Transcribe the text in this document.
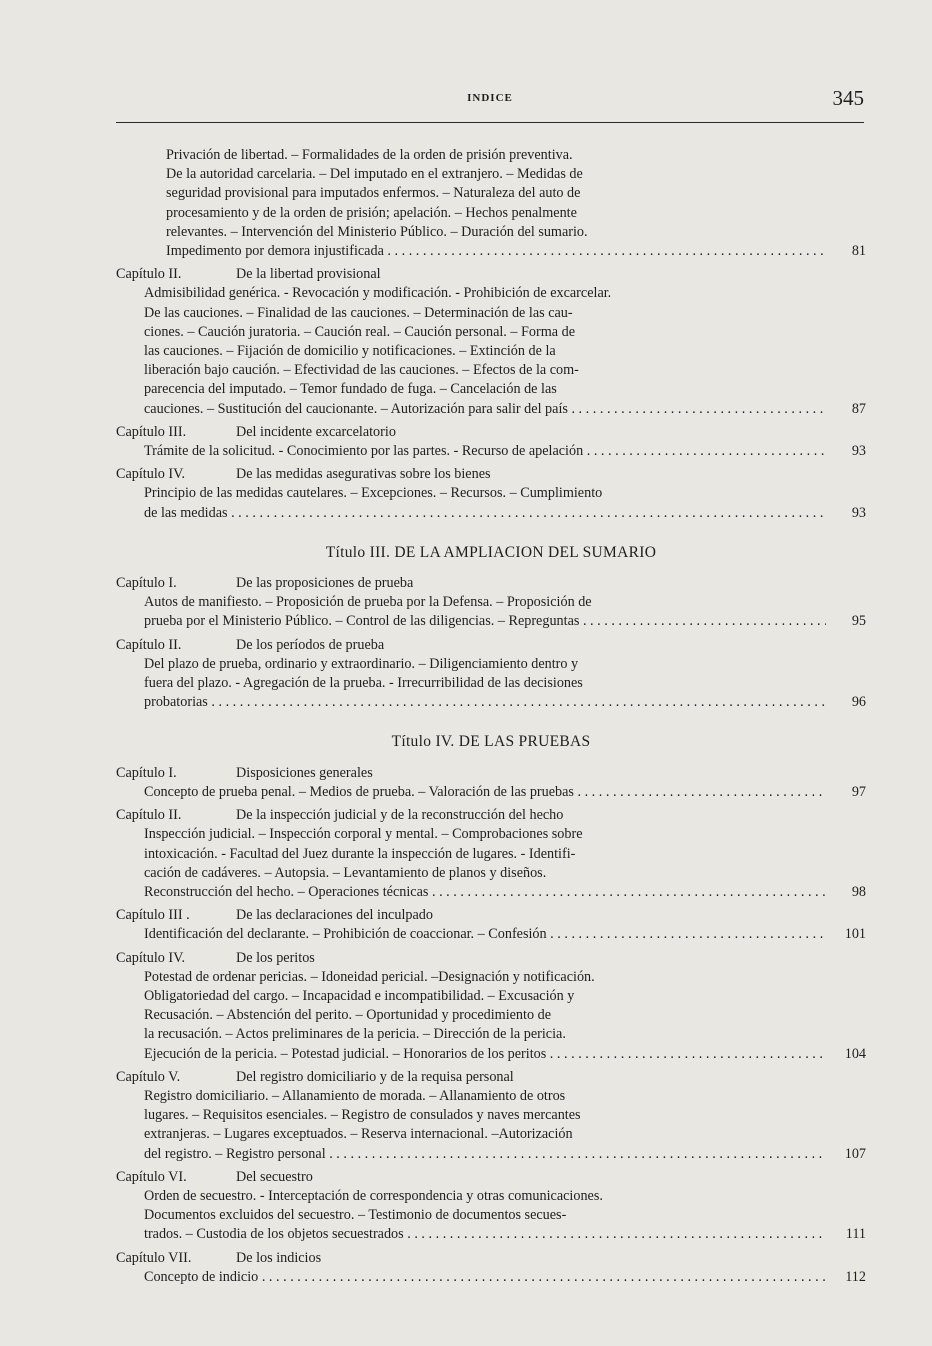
INDICE	345
Privación de libertad. – Formalidades de la orden de prisión preventiva.
De la autoridad carcelaria. – Del imputado en el extranjero. – Medidas de
seguridad provisional para imputados enfermos. – Naturaleza del auto de
procesamiento y de la orden de prisión; apelación. – Hechos penalmente
relevantes. – Intervención del Ministerio Público. – Duración del sumario.
Impedimento por demora injustificada . . .	81
Capítulo II.	De la libertad provisional
Admisibilidad genérica. - Revocación y modificación. - Prohibición de excarcelar.
De las cauciones. – Finalidad de las cauciones. – Determinación de las cau-
ciones. – Caución juratoria. – Caución real. – Caución personal. – Forma de
las cauciones. – Fijación de domicilio y notificaciones. – Extinción de la
liberación bajo caución. – Efectividad de las cauciones. – Efectos de la com-
parecencia del imputado. – Temor fundado de fuga. – Cancelación de las
cauciones. – Sustitución del caucionante. – Autorización para salir del país . . . . .	87
Capítulo III.	Del incidente excarcelatorio
Trámite de la solicitud. - Conocimiento por las partes. - Recurso de apelación . . . . .	93
Capítulo IV.	De las medidas asegurativas sobre los bienes
Principio de las medidas cautelares. – Excepciones. – Recursos. – Cumplimiento
de las medidas . . .	93
Título III. DE LA AMPLIACION DEL SUMARIO
Capítulo I.	De las proposiciones de prueba
Autos de manifiesto. – Proposición de prueba por la Defensa. – Proposición de
prueba por el Ministerio Público. – Control de las diligencias. – Repreguntas . . . .	95
Capítulo II.	De los períodos de prueba
Del plazo de prueba, ordinario y extraordinario. – Diligenciamiento dentro y
fuera del plazo. - Agregación de la prueba. - Irrecurribilidad de las decisiones
probatorias . . .	96
Título IV. DE LAS PRUEBAS
Capítulo I.	Disposiciones generales
Concepto de prueba penal. – Medios de prueba. – Valoración de las pruebas . . . . . .	97
Capítulo II.	De la inspección judicial y de la reconstrucción del hecho
Inspección judicial. – Inspección corporal y mental. – Comprobaciones sobre
intoxicación. - Facultad del Juez durante la inspección de lugares. - Identifi-
cación de cadáveres. – Autopsia. – Levantamiento de planos y diseños.
Reconstrucción del hecho. – Operaciones técnicas . . .	98
Capítulo III .	De las declaraciones del inculpado
Identificación del declarante. – Prohibición de coaccionar. – Confesión . . . . . . . . .	101
Capítulo IV.	De los peritos
Potestad de ordenar pericias. – Idoneidad pericial. –Designación y notificación.
Obligatoriedad del cargo. – Incapacidad e incompatibilidad. – Excusación y
Recusación. – Abstención del perito. – Oportunidad y procedimiento de
la recusación. – Actos preliminares de la pericia. – Dirección de la pericia.
Ejecución de la pericia. – Potestad judicial. – Honorarios de los peritos . . . . . . .	104
Capítulo V.	Del registro domiciliario y de la requisa personal
Registro domiciliario. – Allanamiento de morada. – Allanamiento de otros
lugares. – Requisitos esenciales. – Registro de consulados y naves mercantes
extranjeras. – Lugares exceptuados. – Reserva internacional. –Autorización
del registro. – Registro personal . . .	107
Capítulo VI.	Del secuestro
Orden de secuestro. - Interceptación de correspondencia y otras comunicaciones.
Documentos excluidos del secuestro. – Testimonio de documentos secues-
trados. – Custodia de los objetos secuestrados . . .	111
Capítulo VII.	De los indicios
Concepto de indicio . . .	112
